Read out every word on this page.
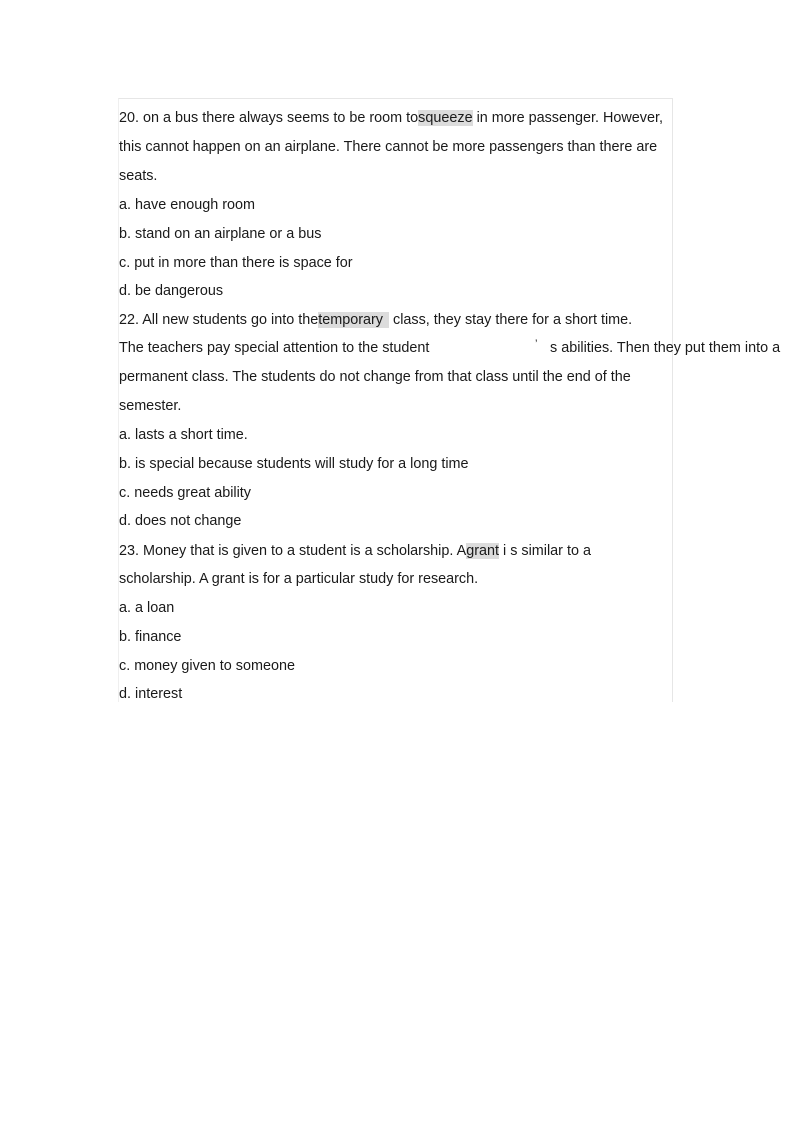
20. on a bus there always seems to be room tosqueeze in more passenger. However,
this cannot happen on an airplane. There cannot be more passengers than there are
seats.
a. have enough room
b. stand on an airplane or a bus
c. put in more than there is space for
d. be dangerous
22. All new students go into thetemporary class, they stay there for a short time.
The teachers pay special attention to the student	’ s abilities. Then they put them into a
permanent class. The students do not change from that class until the end of the
semester.
a. lasts a short time.
b. is special because students will study for a long time
c. needs great ability
d. does not change
23. Money that is given to a student is a scholarship. Agrant i s similar to a
scholarship. A grant is for a particular study for research.
a. a loan
b. finance
c. money given to someone
d. interest
